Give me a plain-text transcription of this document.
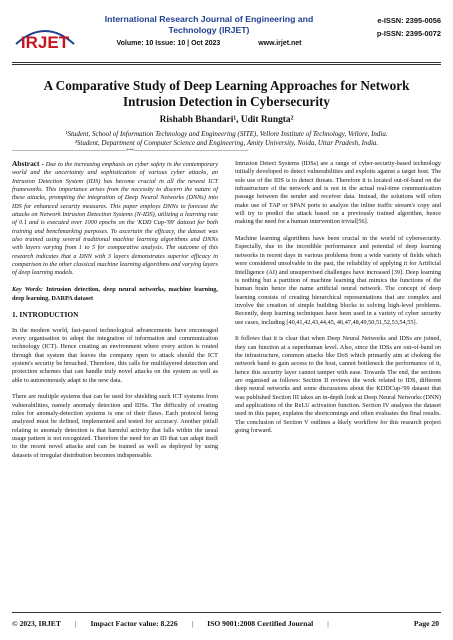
IRJET
International Research Journal of Engineering and Technology (IRJET)
Volume: 10 Issue: 10 | Oct 2023	www.irjet.net
e-ISSN: 2395-0056
p-ISSN: 2395-0072
A Comparative Study of Deep Learning Approaches for Network Intrusion Detection in Cybersecurity
Rishabh Bhandari¹, Udit Rungta²
¹Student, School of Information Technology and Engineering (SITE), Vellore Institute of Technology, Vellore, India.
²Student, Department of Computer Science and Engineering, Amity University, Noida, Uttar Pradesh, India.
----------------------------------------------------------------------***----------------------------------------------------------------------

Abstract - Due to the increasing emphasis on cyber safety in the contemporary world and the uncertainty and sophistication of various cyber attacks, an Intrusion Detection System (IDS) has become crucial in all the newest ICT frameworks. This importance arises from the necessity to discern the nature of these attacks, prompting the integration of Deep Neural Networks (DNNs) into IDS for enhanced security measures. This paper employs DNNs to forecast the attacks on Network Intrusion Detection Systems (N-IDS), utilizing a learning rate of 0.1 and is executed over 1000 epochs on the 'KDD Cup-'99' dataset for both training and benchmarking purposes. To ascertain the efficacy, the dataset was also trained using several traditional machine learning algorithms and DNNs with layers varying from 1 to 5 for comparative analysis. The outcome of this research indicates that a DNN with 3 layers demonstrates superior efficacy in comparison to the other classical machine learning algorithms and varying layers of deep learning models.

Key Words: Intrusion detection, deep neural networks, machine learning, deep learning, DARPA dataset

1. INTRODUCTION

In the modern world, fast-paced technological advancements have encouraged every organisation to adopt the integration of information and communication technology (ICT). Hence creating an environment where every action is routed through that system that leaves the company open to attack should the ICT system's security be breached. Therefore, this calls for multilayered detection and protection schemes that can handle truly novel attacks on the system as well as able to autonomously adapt to the new data.

There are multiple systems that can be used for shielding such ICT systems from vulnerabilities, namely anomaly detection and IDSs. The difficulty of creating rules for anomaly-detection systems is one of their flaws. Each protocol being analyzed must be defined, implemented and tested for accuracy. Another pitfall relating to anomaly detection is that harmful activity that falls within the usual usage pattern is not recognized. Therefore the need for an ID that can adapt itself to the recent novel attacks and can be trained as well as deployed by using datasets of irregular distribution becomes indispensable.

Intrusion Detect Systems (IDSs) are a range of cyber-security-based technology initially developed to detect vulnerabilities and exploits against a target host. The sole use of the IDS is to detect threats. Therefore it is located out-of-band on the infrastructure of the network and is not in the actual real-time communication passage between the sender and receiver data. Instead, the solutions will often make use of TAP or SPAN ports to analyze the inline traffic stream's copy and will try to predict the attack based on a previously trained algorithm, hence making the need for a human intervention trivial[56].

Machine learning algorithms have been crucial in the world of cybersecurity. Especially, due to the incredible performance and potential of deep learning networks in recent days in various problems from a wide variety of fields which were considered unsolvable in the past, the reliability of applying it for Artificial Intelligence (AI) and unsupervised challenges have increased [39]. Deep learning is nothing but a partition of machine learning that mimics the functions of the human brain hence the name artificial neural network. The concept of deep learning consists of creating hierarchical representations that are complex and involve the creation of simple building blocks to solving high-level problems. Recently, deep learning techniques have been used in a variety of cyber security use cases, including [40,41,42,43,44,45, 46,47,48,49,50,51,52,53,54,55].

It follows that it is clear that when Deep Neural Networks and IDSs are joined, they can function at a superhuman level. Also, since the IDSs are out-of-band on the infrastructure, common attacks like DoS which primarily aim at choking the network band to gain access to the host, cannot bottleneck the performance of it, hence this security layer cannot tamper with ease. Towards The end, the sections are organised as follows: Section II reviews the work related to IDS, different deep neural networks and some discussions about the KDDCup-'99 dataset that was published Section III takes an in-depth look at Deep Neural Networks (DNN) and applications of the ReLU activation function. Section IV analyses the dataset used in this paper, explains the shortcomings and often evaluates the final results. The conclusion of Section V outlines a likely workflow for this research project going forward.

© 2023, IRJET | Impact Factor value: 8.226 | ISO 9001:2008 Certified Journal |	Page 20
